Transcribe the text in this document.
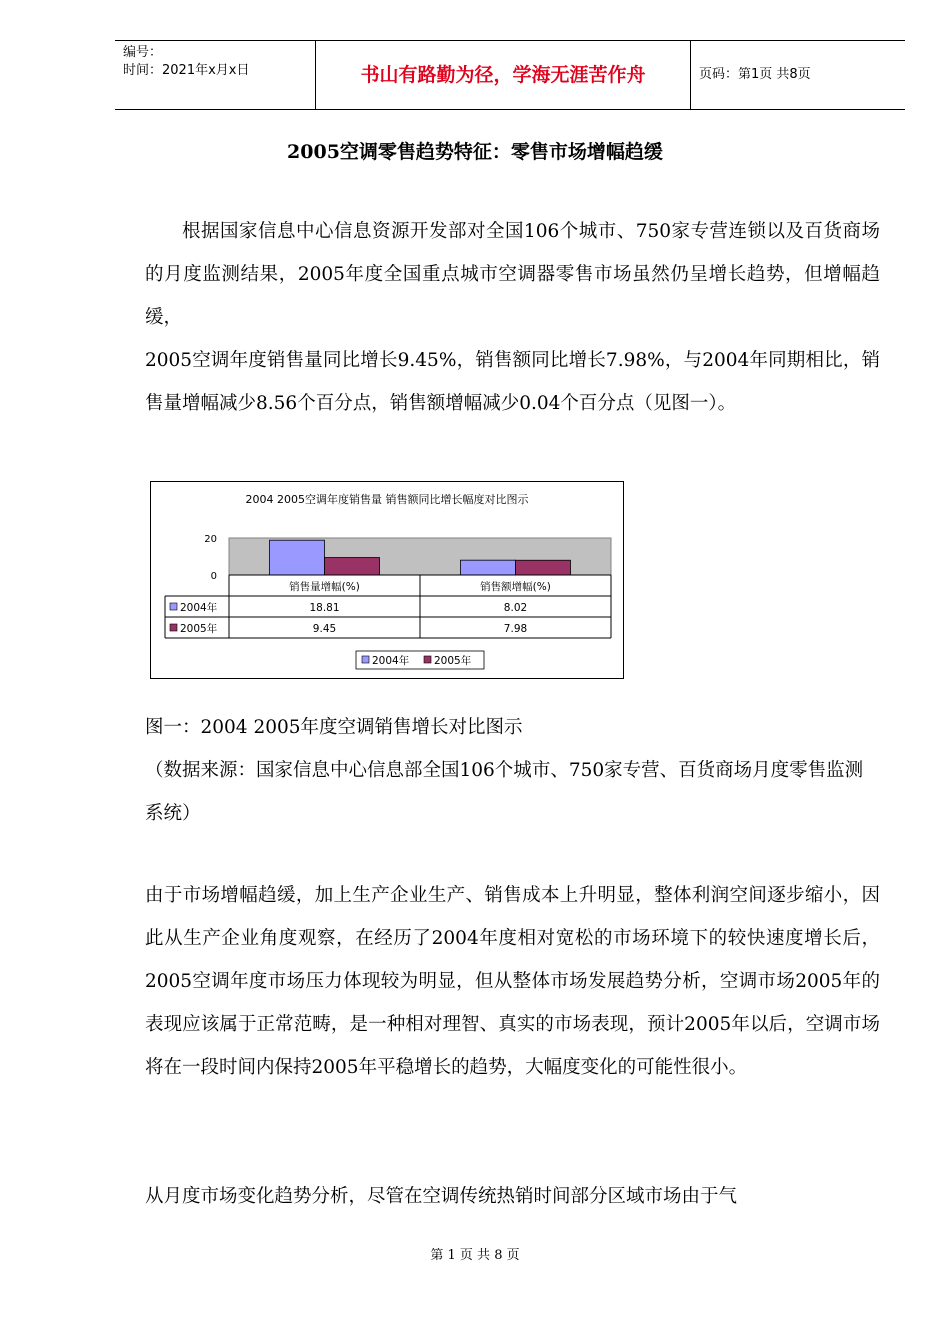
编号：
时间：2021年x月x日	书山有路勤为径，学海无涯苦作舟	页码：第1页 共8页
2005空调零售趋势特征：零售市场增幅趋缓

根据国家信息中心信息资源开发部对全国106个城市、750家专营连锁以及百货商场的月度监测结果，2005年度全国重点城市空调器零售市场虽然仍呈增长趋势，但增幅趋缓，

2005空调年度销售量同比增长9.45%，销售额同比增长7.98%，与2004年同期相比，销售量增幅减少8.56个百分点，销售额增幅减少0.04个百分点（见图一）。

2004 2005空调年度销售量 销售额同比增长幅度对比图示
20
0
销售量增幅(%)	销售额增幅(%)
2004年	18.81	8.02
2005年	9.45	7.98
2004年 2005年
图一：2004 2005年度空调销售增长对比图示
（数据来源：国家信息中心信息部全国106个城市、750家专营、百货商场月度零售监测系统）

由于市场增幅趋缓，加上生产企业生产、销售成本上升明显，整体利润空间逐步缩小，因此从生产企业角度观察，在经历了2004年度相对宽松的市场环境下的较快速度增长后，2005空调年度市场压力体现较为明显，但从整体市场发展趋势分析，空调市场2005年的表现应该属于正常范畴，是一种相对理智、真实的市场表现，预计2005年以后，空调市场将在一段时间内保持2005年平稳增长的趋势，大幅度变化的可能性很小。

从月度市场变化趋势分析，尽管在空调传统热销时间部分区域市场由于气

第 1 页 共 8 页
